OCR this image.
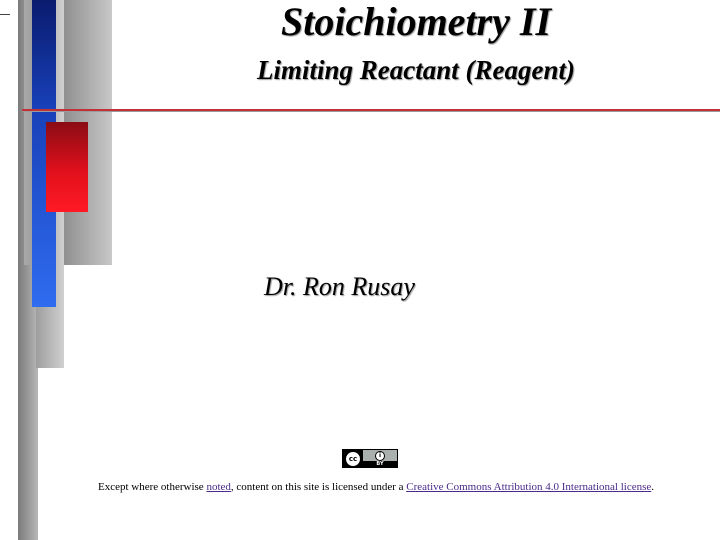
Stoichiometry II
Limiting Reactant (Reagent)

Dr. Ron Rusay

cc	i
BY

Except where otherwise noted, content on this site is licensed under a Creative Commons Attribution 4.0 International license.
